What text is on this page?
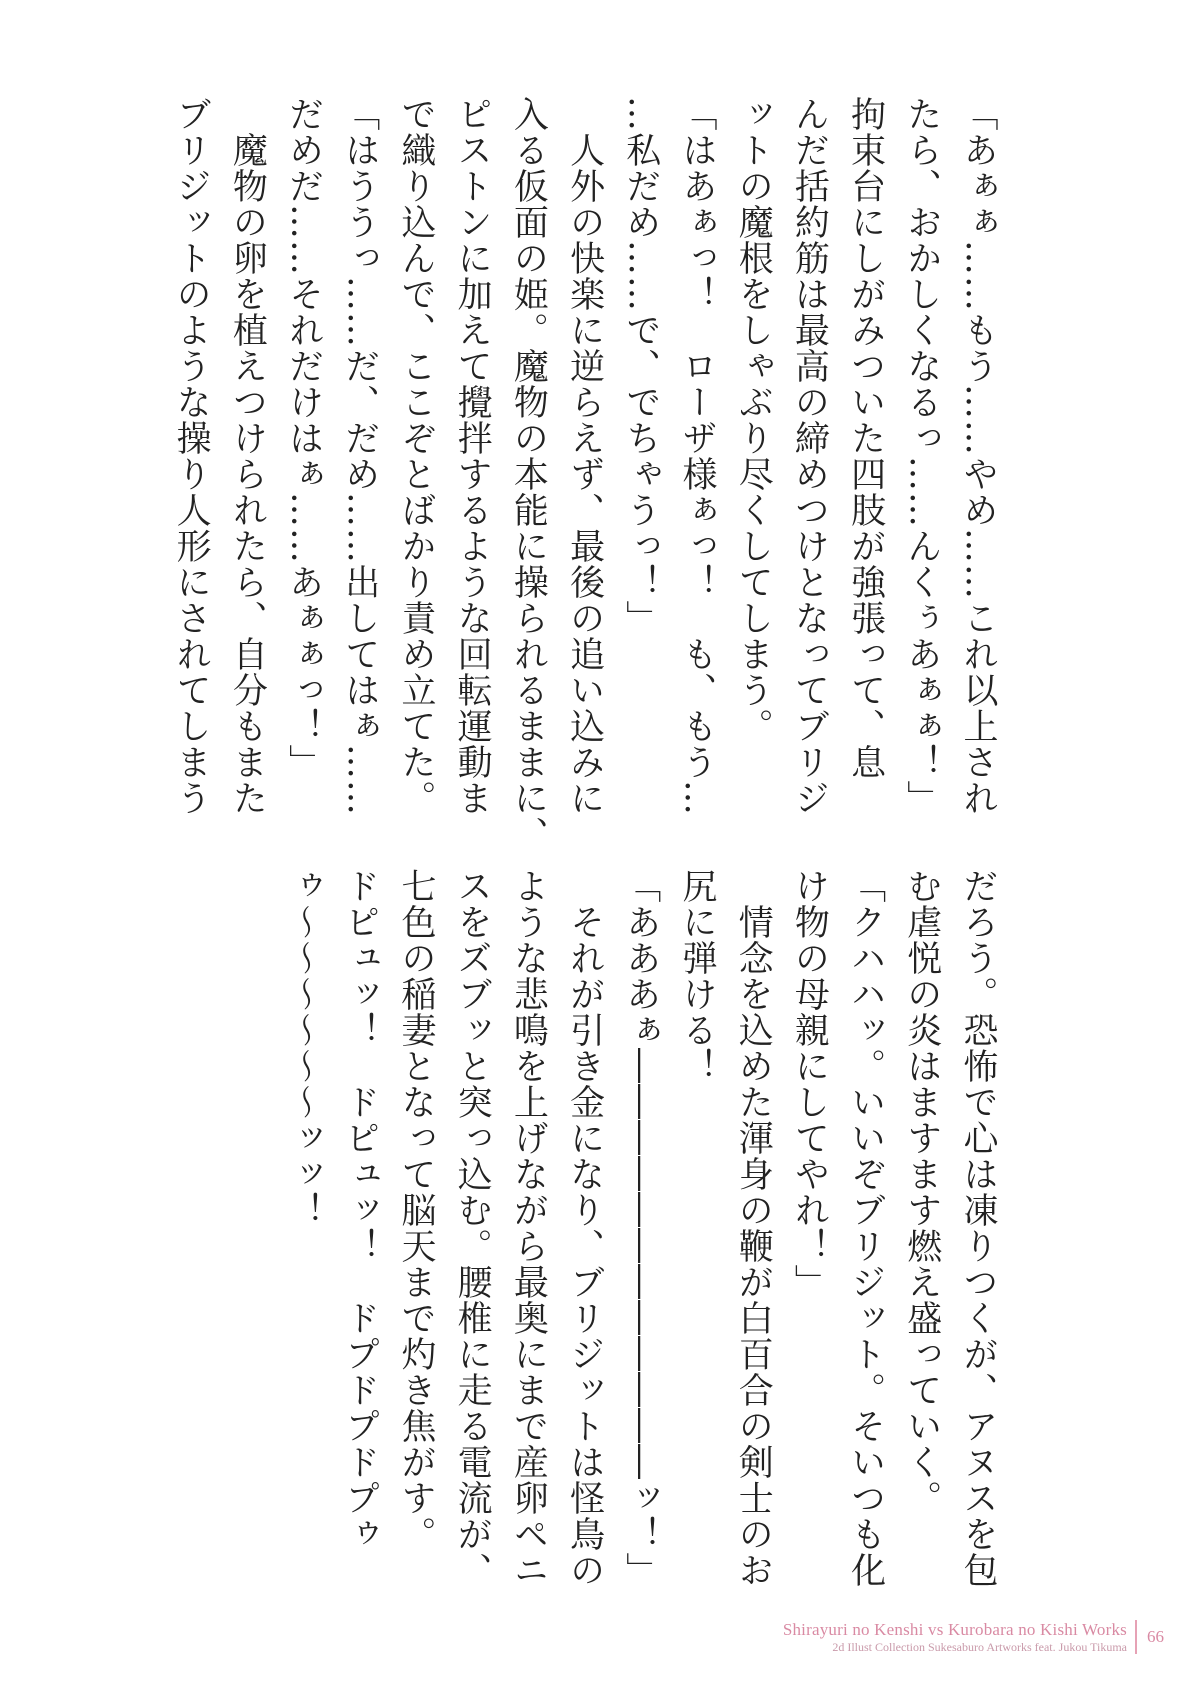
「あぁぁ……もう……やめ……これ以上され
たら、おかしくなるっ……んくぅあぁぁ！」
拘束台にしがみついた四肢が強張って、息
んだ括約筋は最高の締めつけとなってブリジ
ットの魔根をしゃぶり尽くしてしまう。
「はあぁっ！　ローザ様ぁっ！　も、もう…
…私だめ……で、でちゃうっ！」
　人外の快楽に逆らえず、最後の追い込みに
入る仮面の姫。魔物の本能に操られるままに、
ピストンに加えて攪拌するような回転運動ま
で織り込んで、ここぞとばかり責め立てた。
「はううっ……だ、だめ……出してはぁ……
だめだ……それだけはぁ……あぁぁっ！」
　魔物の卵を植えつけられたら、自分もまた
ブリジットのような操り人形にされてしまう
だろう。恐怖で心は凍りつくが、アヌスを包
む虐悦の炎はますます燃え盛っていく。
「クハハッ。いいぞブリジット。そいつも化
け物の母親にしてやれ！」
　情念を込めた渾身の鞭が白百合の剣士のお
尻に弾ける！
「あああぁ――――――――――――ッ！」
　それが引き金になり、ブリジットは怪鳥の
ような悲鳴を上げながら最奥にまで産卵ペニ
スをズブッと突っ込む。腰椎に走る電流が、
七色の稲妻となって脳天まで灼き焦がす。
ドピュッ！　ドピュッ！　ドプドプドプゥ
ゥ～～～～～～ッッ！
Shirayuri no Kenshi vs Kurobara no Kishi Works
2d Illust Collection Sukesaburo Artworks feat. Jukou Tikuma
66
